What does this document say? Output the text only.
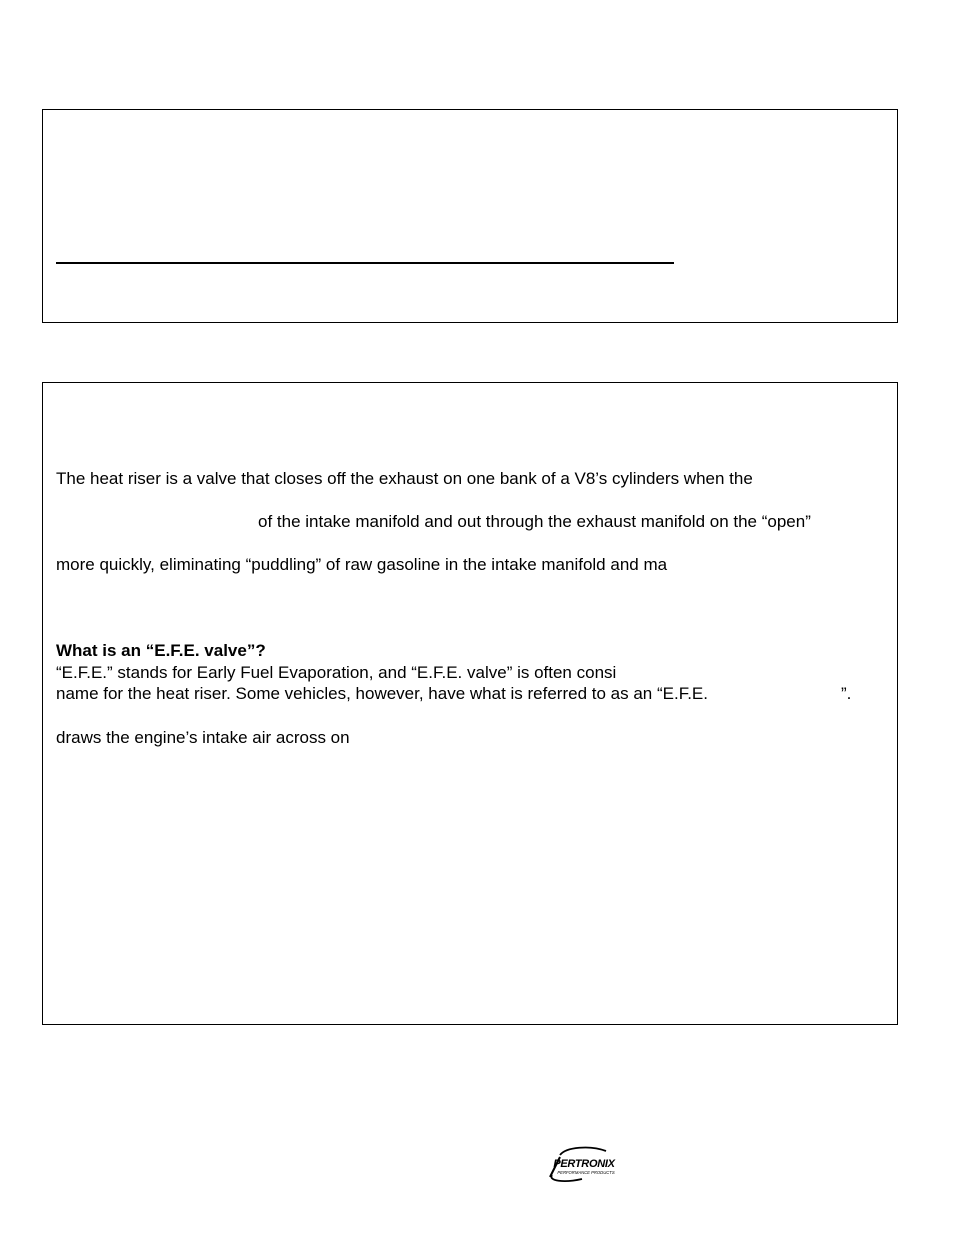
The heat riser is a valve that closes off the exhaust on one bank of a V8’s cylinders when the
of the intake manifold and out through the exhaust manifold on the “open”
more quickly, eliminating “puddling” of raw gasoline in the intake manifold and ma
What is an “E.F.E. valve”?
“E.F.E.” stands for Early Fuel Evaporation, and “E.F.E. valve” is often consi
name for the heat riser. Some vehicles, however, have what is referred to as an “E.F.E.	”.
draws the engine’s intake air across on
PERTRONIX
PERFORMANCE PRODUCTS
